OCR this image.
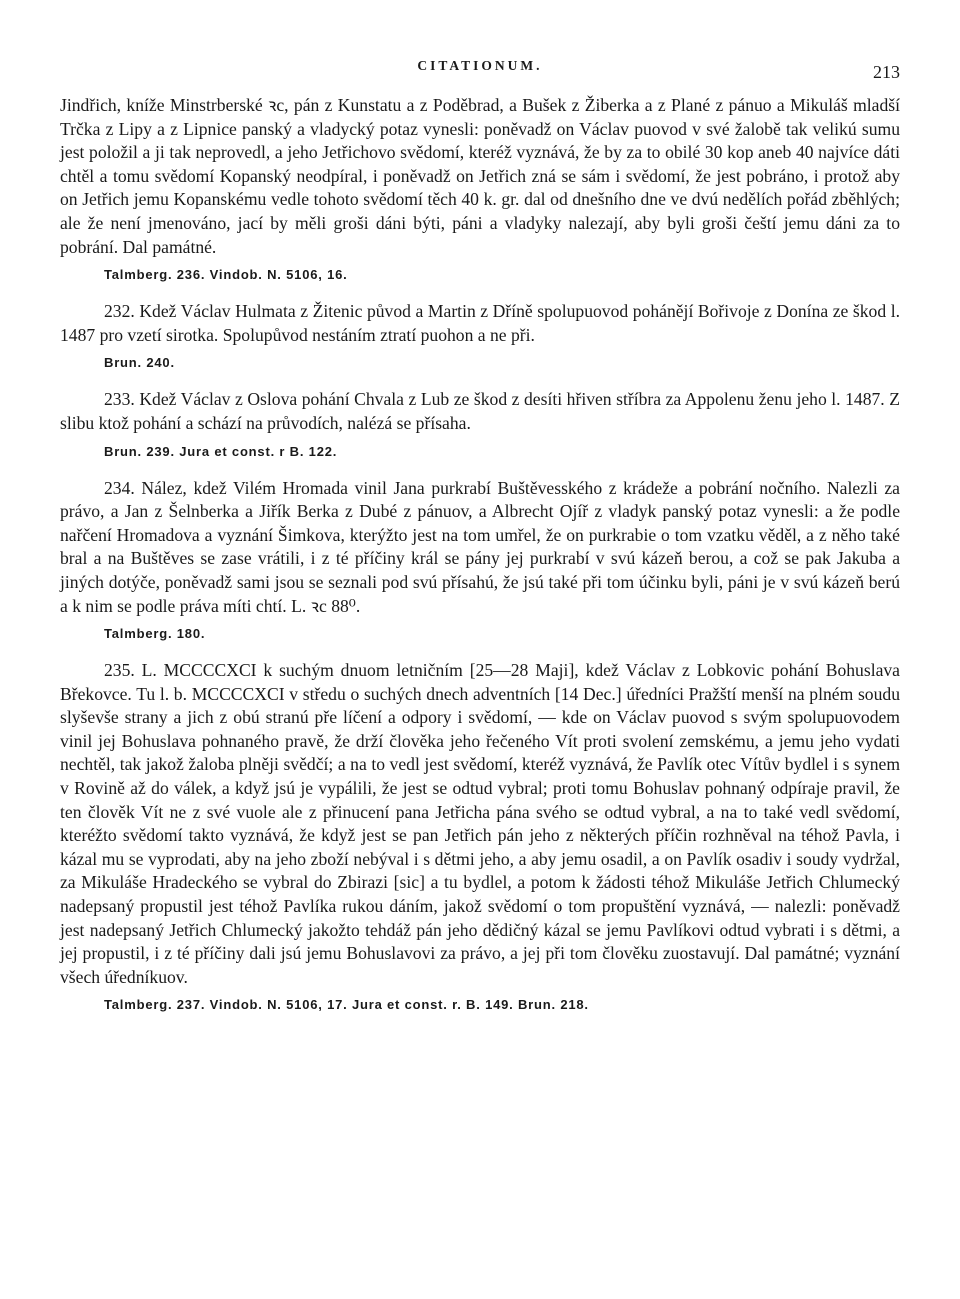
CITATIONUM.	213

Jindřich, kníže Minstrberské ꝛc, pán z Kunstatu a z Poděbrad, a Bušek z Žiberka a z Plané z pánuo a Mikuláš mladší Trčka z Lipy a z Lipnice panský a vladycký potaz vynesli: poněvadž on Václav puovod v své žalobě tak velikú sumu jest položil a ji tak neprovedl, a jeho Jetřichovo svědomí, kteréž vyznává, že by za to obilé 30 kop aneb 40 najvíce dáti chtěl a tomu svědomí Kopanský neodpíral, i poněvadž on Jetřich zná se sám i svědomí, že jest pobráno, i protož aby on Jetřich jemu Kopanskému vedle tohoto svědomí těch 40 k. gr. dal od dnešního dne ve dvú nedělích pořád zběhlých; ale že není jmenováno, jací by měli groši dáni býti, páni a vladyky nalezají, aby byli groši čeští jemu dáni za to pobrání. Dal památné.

Talmberg. 236. Vindob. N. 5106, 16.

232. Kdež Václav Hulmata z Žitenic původ a Martin z Dříně spolupuovod pohánějí Bořivoje z Donína ze škod l. 1487 pro vzetí sirotka. Spolupůvod nestáním ztratí puohon a ne při.

Brun. 240.

233. Kdež Václav z Oslova pohání Chvala z Lub ze škod z desíti hřiven stříbra za Appolenu ženu jeho l. 1487. Z slibu ktož pohání a schází na průvodích, nalézá se přísaha.

Brun. 239. Jura et const. r B. 122.

234. Nález, kdež Vilém Hromada vinil Jana purkrabí Buštěvesského z krádeže a pobrání nočního. Nalezli za právo, a Jan z Šelnberka a Jiřík Berka z Dubé z pánuov, a Albrecht Ojíř z vladyk panský potaz vynesli: a že podle nařčení Hromadova a vyznání Šimkova, kterýžto jest na tom umřel, že on purkrabie o tom vzatku věděl, a z něho také bral a na Buštěves se zase vrátili, i z té příčiny král se pány jej purkrabí v svú kázeň berou, a což se pak Jakuba a jiných dotýče, poněvadž sami jsou se seznali pod svú přísahú, že jsú také při tom účinku byli, páni je v svú kázeň berú a k nim se podle práva míti chtí. L. ꝛc 88⁰.

Talmberg. 180.

235. L. MCCCCXCI k suchým dnuom letničním [25—28 Maji], kdež Václav z Lobkovic pohání Bohuslava Břekovce. Tu l. b. MCCCCXCI v středu o suchých dnech adventních [14 Dec.] úředníci Pražští menší na plném soudu slyševše strany a jich z obú stranú pře líčení a odpory i svědomí, — kde on Václav puovod s svým spolupuovodem vinil jej Bohuslava pohnaného pravě, že drží člověka jeho řečeného Vít proti svolení zemskému, a jemu jeho vydati nechtěl, tak jakož žaloba plněji svědčí; a na to vedl jest svědomí, kteréž vyznává, že Pavlík otec Vítův bydlel i s synem v Rovině až do válek, a když jsú je vypálili, že jest se odtud vybral; proti tomu Bohuslav pohnaný odpíraje pravil, že ten člověk Vít ne z své vuole ale z přinucení pana Jetřicha pána svého se odtud vybral, a na to také vedl svědomí, kteréžto svědomí takto vyznává, že když jest se pan Jetřich pán jeho z některých příčin rozhněval na téhož Pavla, i kázal mu se vyprodati, aby na jeho zboží nebýval i s dětmi jeho, a aby jemu osadil, a on Pavlík osadiv i soudy vydržal, za Mikuláše Hradeckého se vybral do Zbirazi [sic] a tu bydlel, a potom k žádosti téhož Mikuláše Jetřich Chlumecký nadepsaný propustil jest téhož Pavlíka rukou dáním, jakož svědomí o tom propuštění vyznává, — nalezli: poněvadž jest nadepsaný Jetřich Chlumecký jakožto tehdáž pán jeho dědičný kázal se jemu Pavlíkovi odtud vybrati i s dětmi, a jej propustil, i z té příčiny dali jsú jemu Bohuslavovi za právo, a jej při tom člověku zuostavují. Dal památné; vyznání všech úředníkuov.

Talmberg. 237. Vindob. N. 5106, 17. Jura et const. r. B. 149. Brun. 218.
